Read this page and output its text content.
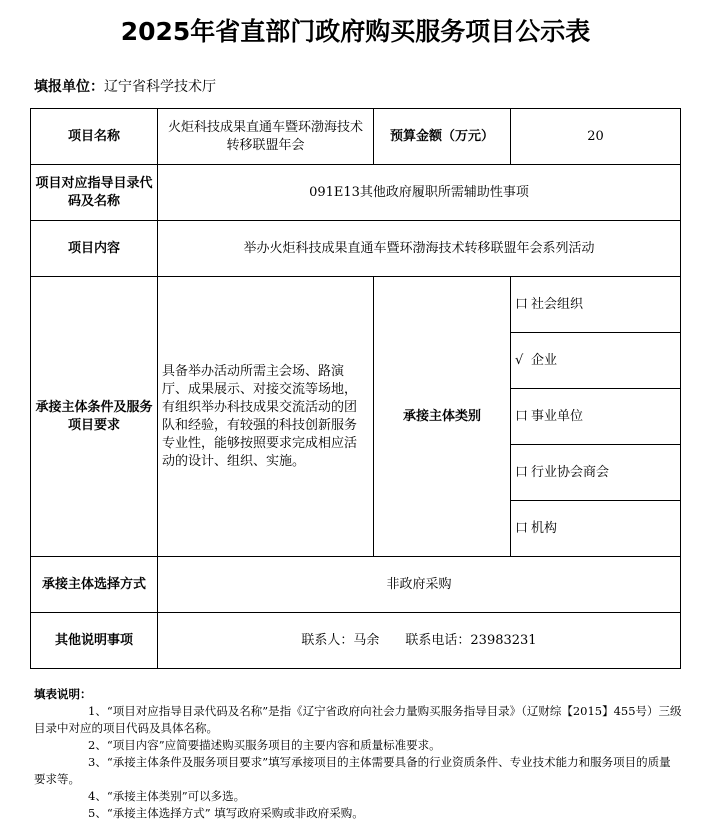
2025年省直部门政府购买服务项目公示表
填报单位：辽宁省科学技术厅
项目名称	火炬科技成果直通车暨环渤海技术转移联盟年会	预算金额（万元）	20
项目对应指导目录代码及名称	091E13其他政府履职所需辅助性事项		
项目内容	举办火炬科技成果直通车暨环渤海技术转移联盟年会系列活动		
承接主体条件及服务项目要求	具备举办活动所需主会场、路演厅、成果展示、对接交流等场地，有组织举办科技成果交流活动的团队和经验，有较强的科技创新服务专业性，能够按照要求完成相应活动的设计、组织、实施。	承接主体类别	口 社会组织
			√ 企业
			口 事业单位
			口 行业协会商会
			口 机构
承接主体选择方式	非政府采购		
其他说明事项	联系人：马余　　联系电话：23983231		
填表说明：
1、“项目对应指导目录代码及名称”是指《辽宁省政府向社会力量购买服务指导目录》（辽财综【2015】455号）三级目录中对应的项目代码及具体名称。
2、“项目内容”应简要描述购买服务项目的主要内容和质量标准要求。
3、“承接主体条件及服务项目要求”填写承接项目的主体需要具备的行业资质条件、专业技术能力和服务项目的质量要求等。
4、“承接主体类别”可以多选。
5、“承接主体选择方式” 填写政府采购或非政府采购。
